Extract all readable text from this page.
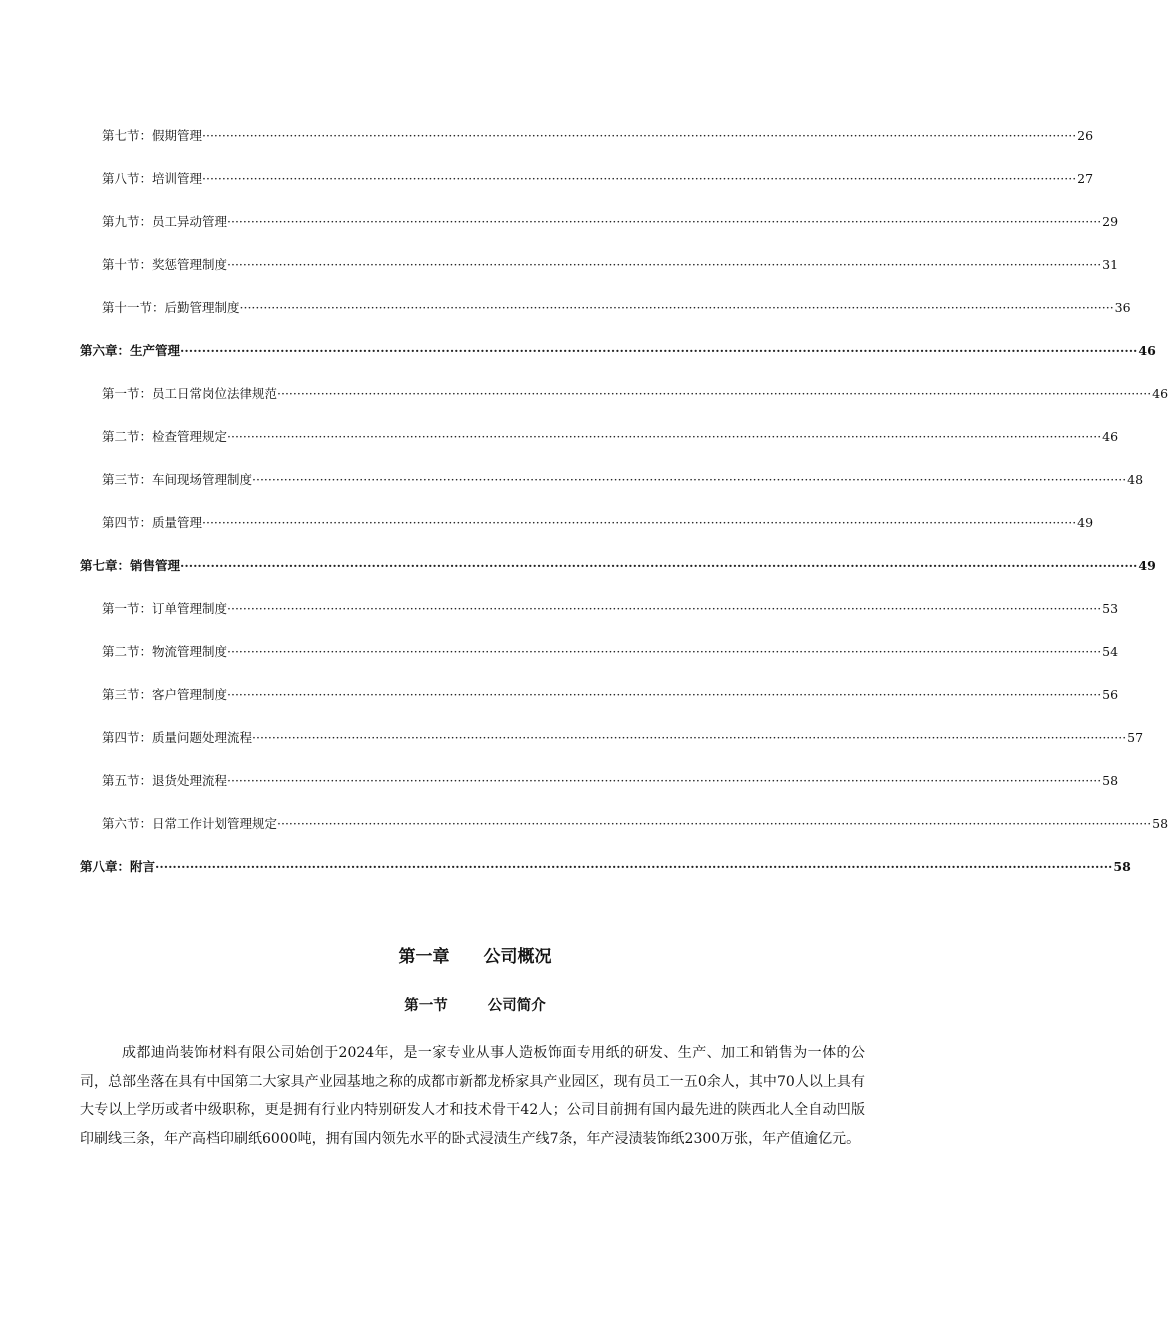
第七节：假期管理 ···························································································································································································································· 26
第八节：培训管理 ···························································································································································································································· 27
第九节：员工异动管理 ···························································································································································································································· 29
第十节：奖惩管理制度 ···························································································································································································································· 31
第十一节：后勤管理制度 ···························································································································································································································· 36
第六章：生产管理 ···························································································································································································································· 46
第一节：员工日常岗位法律规范 ···························································································································································································································· 46
第二节：检查管理规定 ···························································································································································································································· 46
第三节：车间现场管理制度 ···························································································································································································································· 48
第四节：质量管理 ···························································································································································································································· 49
第七章：销售管理 ···························································································································································································································· 49
第一节：订单管理制度 ···························································································································································································································· 53
第二节：物流管理制度 ···························································································································································································································· 54
第三节：客户管理制度 ···························································································································································································································· 56
第四节：质量问题处理流程 ···························································································································································································································· 57
第五节：退货处理流程 ···························································································································································································································· 58
第六节：日常工作计划管理规定 ···························································································································································································································· 58
第八章：附言 ···························································································································································································································· 58
第一章 公司概况
第一节	公司简介

成都迪尚装饰材料有限公司始创于2024年，是一家专业从事人造板饰面专用纸的研发、生产、加工和销售为一体的公司，总部坐落在具有中国第二大家具产业园基地之称的成都市新都龙桥家具产业园区，现有员工一五0余人，其中70人以上具有大专以上学历或者中级职称，更是拥有行业内特别研发人才和技术骨干42人；公司目前拥有国内最先进的陕西北人全自动凹版印刷线三条，年产高档印刷纸6000吨，拥有国内领先水平的卧式浸渍生产线7条，年产浸渍装饰纸2300万张，年产值逾亿元。
